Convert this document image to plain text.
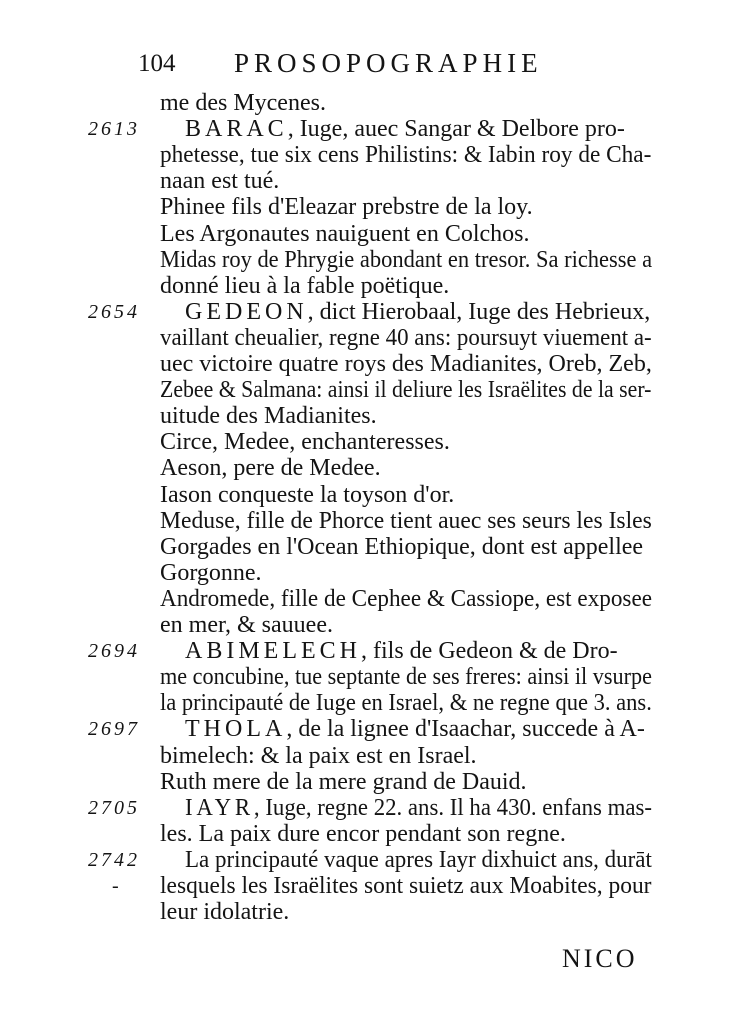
104 PROSOPOGRAPHIE
me des Mycenes.
2613 BARAC, Iuge, auec Sangar & Delbore pro-
phetesse, tue six cens Philistins: & Iabin roy de Cha-
naan est tué.
Phinee fils d'Eleazar prebstre de la loy.
Les Argonautes nauiguent en Colchos.
Midas roy de Phrygie abondant en tresor. Sa richesse a
donné lieu à la fable poëtique.
2654 GEDEON, dict Hierobaal, Iuge des Hebrieux,
vaillant cheualier, regne 40 ans: poursuyt viuement a-
uec victoire quatre roys des Madianites, Oreb, Zeb,
Zebee & Salmana: ainsi il deliure les Israëlites de la ser-
uitude des Madianites.
Circe, Medee, enchanteresses.
Aeson, pere de Medee.
Iason conqueste la toyson d'or.
Meduse, fille de Phorce tient auec ses seurs les Isles
Gorgades en l'Ocean Ethiopique, dont est appellee
Gorgonne.
Andromede, fille de Cephee & Cassiope, est exposee
en mer, & sauuee.
2694 ABIMELECH, fils de Gedeon & de Dro-
me concubine, tue septante de ses freres: ainsi il vsurpe
la principauté de Iuge en Israel, & ne regne que 3. ans.
2697 THOLA, de la lignee d'Isaachar, succede à A-
bimelech: & la paix est en Israel.
Ruth mere de la mere grand de Dauid.
2705 IAYR, Iuge, regne 22. ans. Il ha 430. enfans mas-
les. La paix dure encor pendant son regne.
2742 La principauté vaque apres Iayr dixhuict ans, durāt
- lesquels les Israëlites sont suietz aux Moabites, pour
leur idolatrie.
NICO
